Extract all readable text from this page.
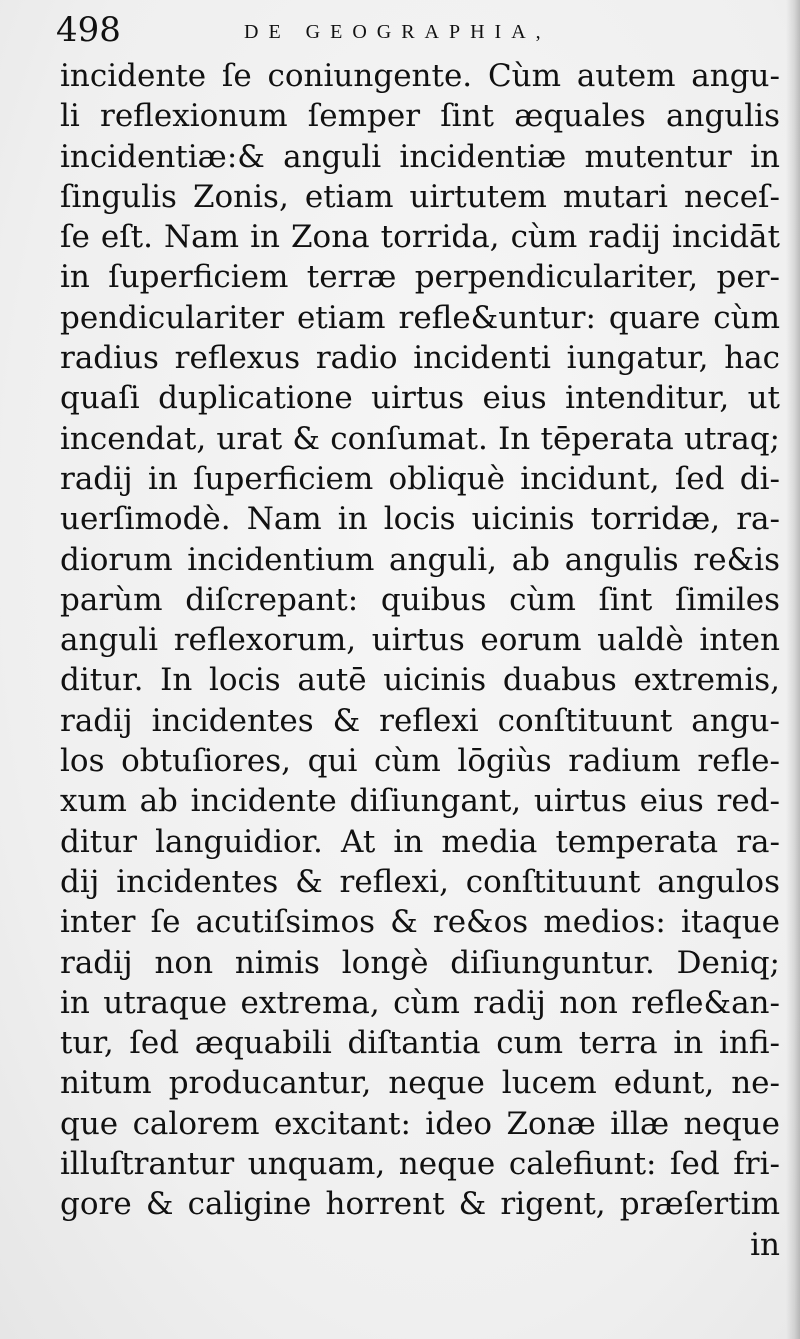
498	DE GEOGRAPHIA,
incidente ſe coniungente. Cùm autem angu-
li reflexionum ſemper ſint æquales angulis
incidentiæ:& anguli incidentiæ mutentur in
ſingulis Zonis, etiam uirtutem mutari neceſ-
ſe eſt. Nam in Zona torrida, cùm radij incidāt
in ſuperficiem terræ perpendiculariter, per-
pendiculariter etiam refle&untur: quare cùm
radius reflexus radio incidenti iungatur, hac
quaſi duplicatione uirtus eius intenditur, ut
incendat, urat & conſumat. In tēperata utraq;
radij in ſuperficiem obliquè incidunt, ſed di-
uerſimodè. Nam in locis uicinis torridæ, ra-
diorum incidentium anguli, ab angulis re&is
parùm diſcrepant: quibus cùm ſint ſimiles
anguli reflexorum, uirtus eorum ualdè inten
ditur. In locis autē uicinis duabus extremis,
radij incidentes & reflexi conſtituunt angu-
los obtuſiores, qui cùm lōgiùs radium refle-
xum ab incidente diſiungant, uirtus eius red-
ditur languidior. At in media temperata ra-
dij incidentes & reflexi, conſtituunt angulos
inter ſe acutiſsimos & re&os medios: itaque
radij non nimis longè diſiunguntur. Deniq;
in utraque extrema, cùm radij non refle&an-
tur, ſed æquabili diſtantia cum terra in infi-
nitum producantur, neque lucem edunt, ne-
que calorem excitant: ideo Zonæ illæ neque
illuſtrantur unquam, neque calefiunt: ſed fri-
gore & caligine horrent & rigent, præſertim
in
